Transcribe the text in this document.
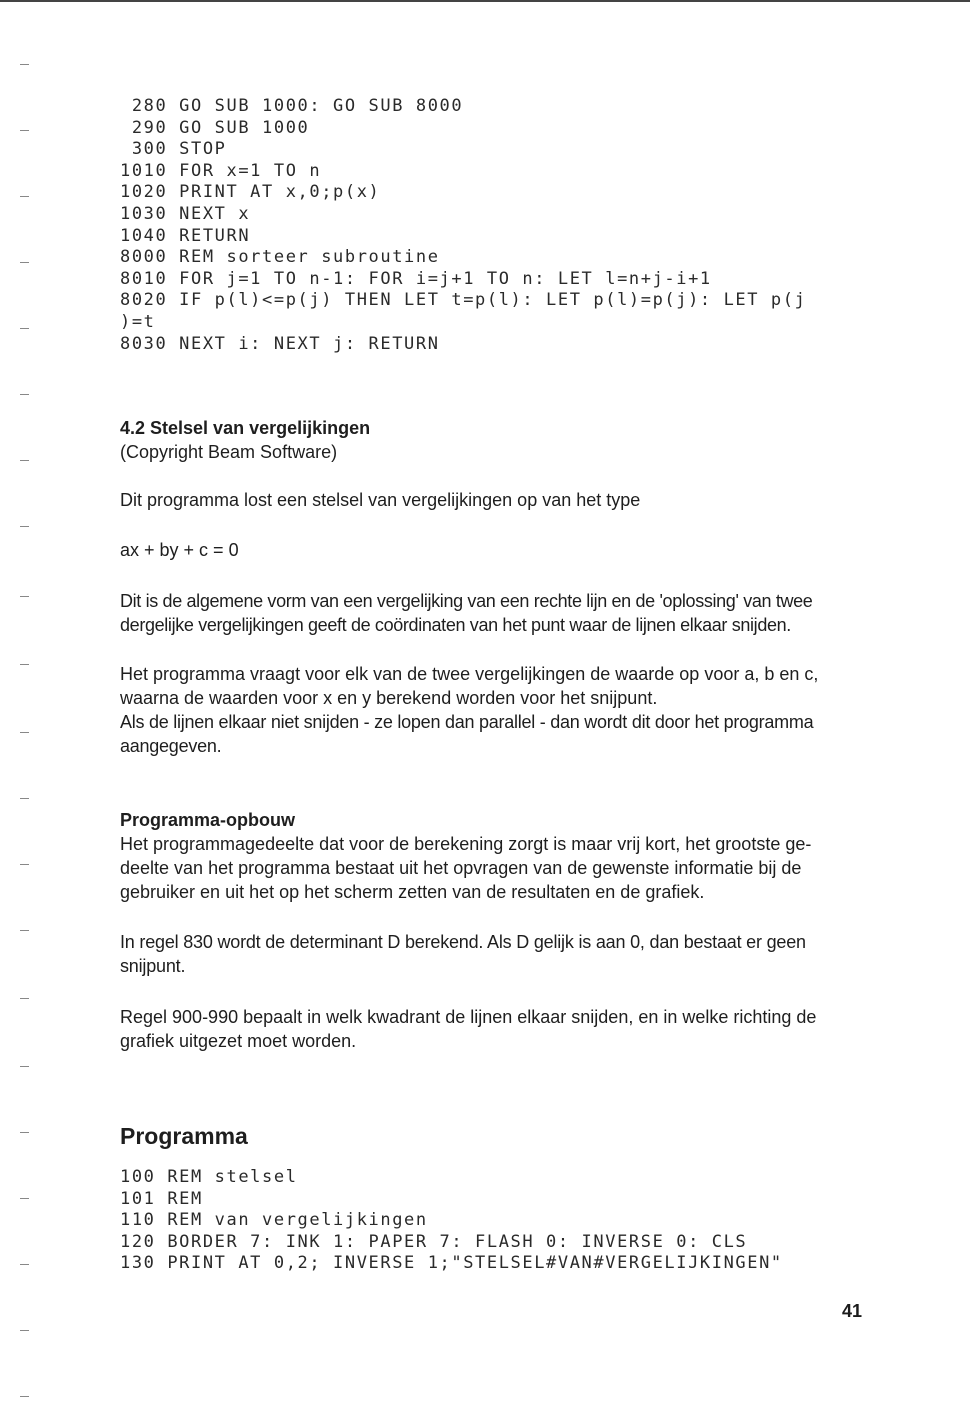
280 GO SUB 1000: GO SUB 8000
290 GO SUB 1000
300 STOP
1010 FOR x=1 TO n
1020 PRINT AT x,0;p(x)
1030 NEXT x
1040 RETURN
8000 REM sorteer subroutine
8010 FOR j=1 TO n-1: FOR i=j+1 TO n: LET l=n+j-i+1
8020 IF p(l)<=p(j) THEN LET t=p(l): LET p(l)=p(j): LET p(j
)=t
8030 NEXT i: NEXT j: RETURN

4.2 Stelsel van vergelijkingen

(Copyright Beam Software)

Dit programma lost een stelsel van vergelijkingen op van het type

ax + by + c = 0

Dit is de algemene vorm van een vergelijking van een rechte lijn en de 'oplossing' van twee

dergelijke vergelijkingen geeft de coördinaten van het punt waar de lijnen elkaar snijden.

Het programma vraagt voor elk van de twee vergelijkingen de waarde op voor a, b en c,

waarna de waarden voor x en y berekend worden voor het snijpunt.

Als de lijnen elkaar niet snijden - ze lopen dan parallel - dan wordt dit door het programma

aangegeven.

Programma-opbouw

Het programmagedeelte dat voor de berekening zorgt is maar vrij kort, het grootste ge-

deelte van het programma bestaat uit het opvragen van de gewenste informatie bij de

gebruiker en uit het op het scherm zetten van de resultaten en de grafiek.

In regel 830 wordt de determinant D berekend. Als D gelijk is aan 0, dan bestaat er geen

snijpunt.

Regel 900-990 bepaalt in welk kwadrant de lijnen elkaar snijden, en in welke richting de

grafiek uitgezet moet worden.

Programma

100 REM stelsel
101 REM
110 REM van vergelijkingen
120 BORDER 7: INK 1: PAPER 7: FLASH 0: INVERSE 0: CLS
130 PRINT AT 0,2; INVERSE 1;"STELSEL#VAN#VERGELIJKINGEN"
41
